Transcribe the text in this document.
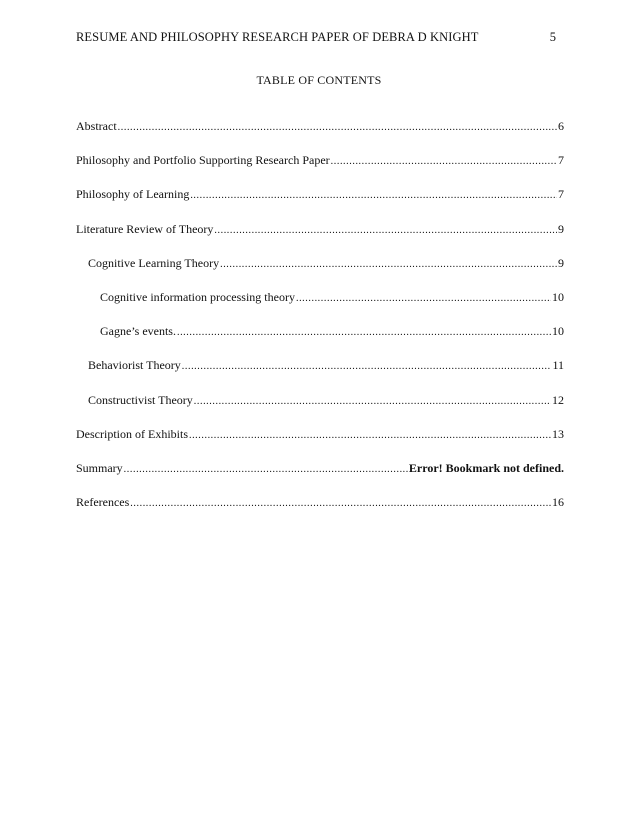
RESUME AND PHILOSOPHY RESEARCH PAPER OF DEBRA D KNIGHT	5
TABLE OF CONTENTS
Abstract .....	6
Philosophy and Portfolio Supporting Research Paper .....	7
Philosophy of Learning .....	7
Literature Review of Theory .....	9
Cognitive Learning Theory .....	9
Cognitive information processing theory .....	10
Gagne’s events. .....	10
Behaviorist Theory .....	11
Constructivist Theory .....	12
Description of Exhibits .....	13
Summary .....	Error! Bookmark not defined.
References .....	16
